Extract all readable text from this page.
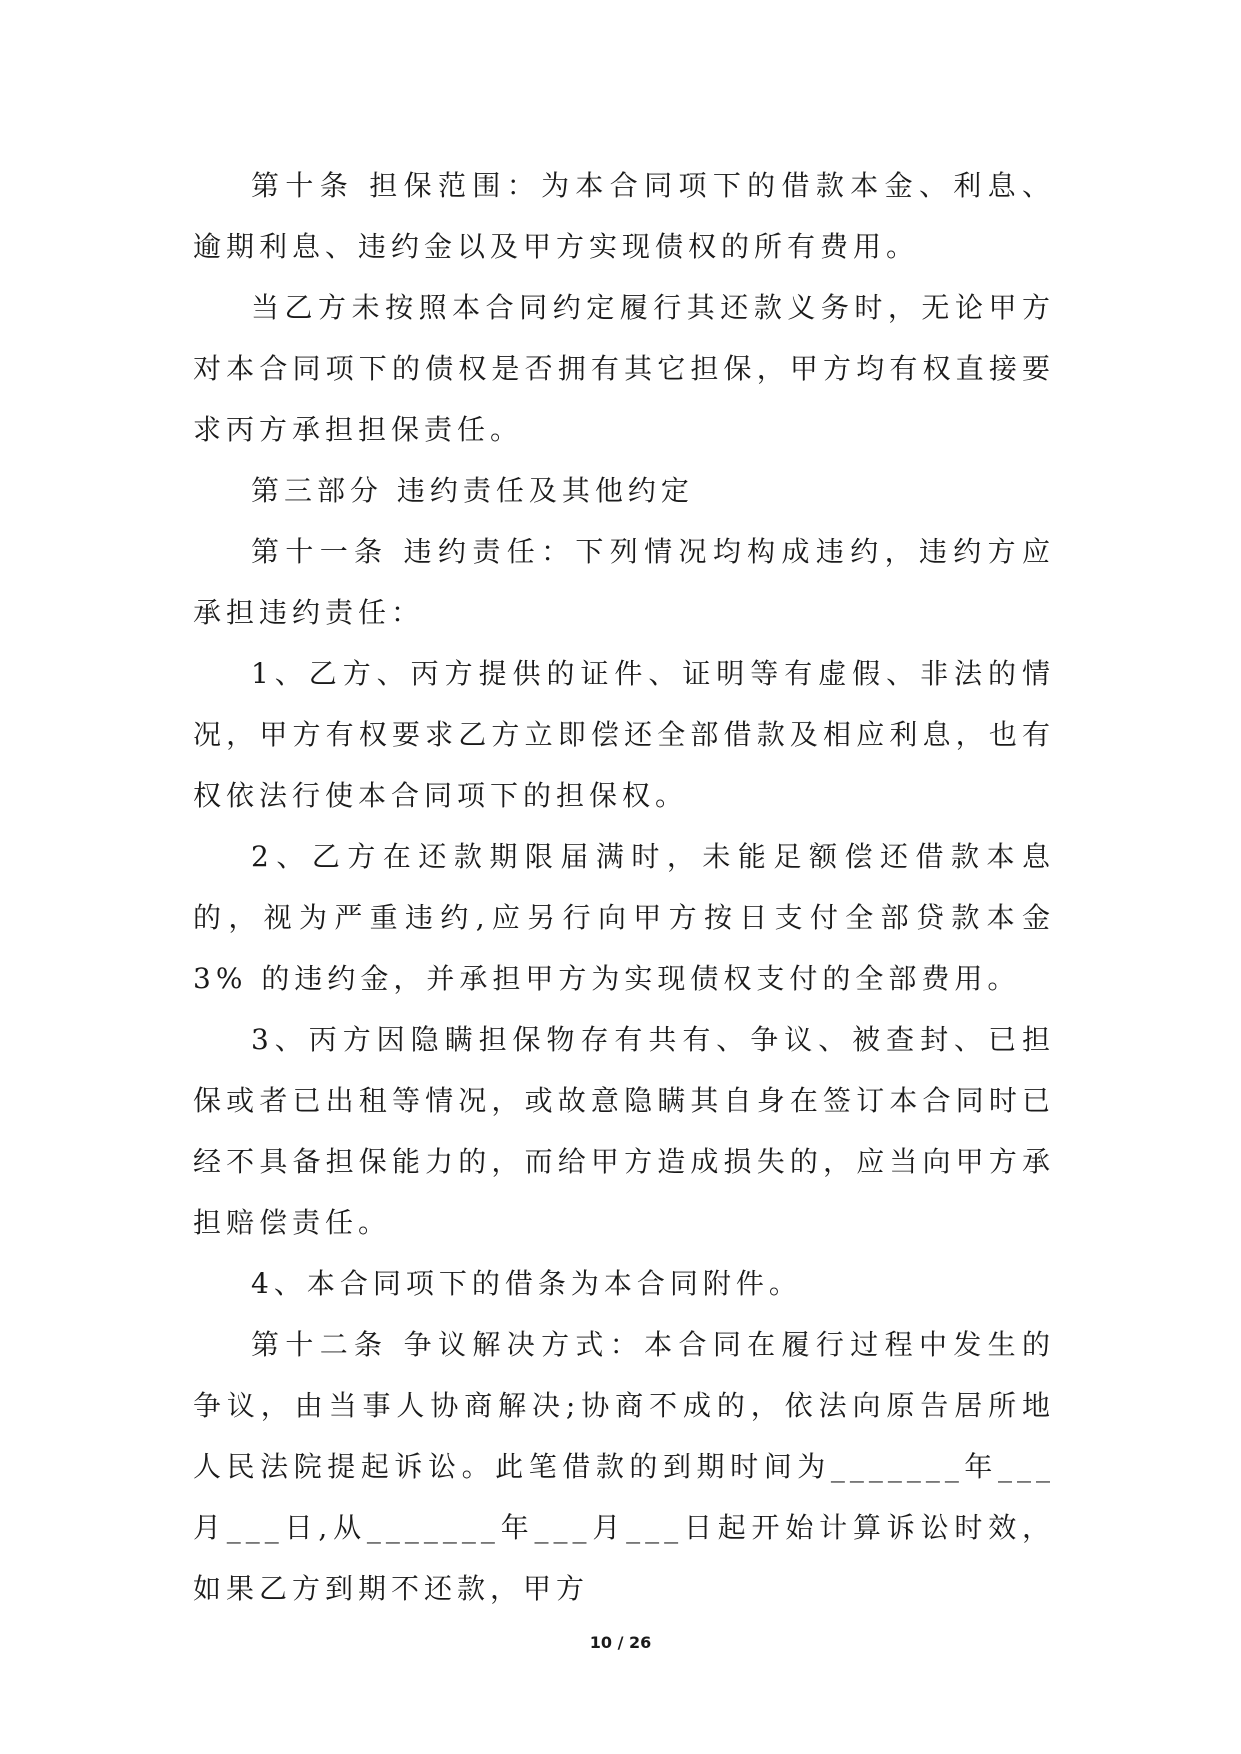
第十条 担保范围：为本合同项下的借款本金、利息、逾期利息、违约金以及甲方实现债权的所有费用。

当乙方未按照本合同约定履行其还款义务时，无论甲方对本合同项下的债权是否拥有其它担保，甲方均有权直接要求丙方承担担保责任。

第三部分 违约责任及其他约定

第十一条 违约责任：下列情况均构成违约，违约方应承担违约责任：

1、乙方、丙方提供的证件、证明等有虚假、非法的情况，甲方有权要求乙方立即偿还全部借款及相应利息，也有权依法行使本合同项下的担保权。

2、乙方在还款期限届满时，未能足额偿还借款本息的，视为严重违约,应另行向甲方按日支付全部贷款本金 3% 的违约金，并承担甲方为实现债权支付的全部费用。

3、丙方因隐瞒担保物存有共有、争议、被查封、已担保或者已出租等情况，或故意隐瞒其自身在签订本合同时已经不具备担保能力的，而给甲方造成损失的，应当向甲方承担赔偿责任。

4、本合同项下的借条为本合同附件。

第十二条 争议解决方式：本合同在履行过程中发生的争议，由当事人协商解决;协商不成的，依法向原告居所地人民法院提起诉讼。此笔借款的到期时间为_______年___月___日,从_______年___月___日起开始计算诉讼时效，如果乙方到期不还款，甲方

10 / 26
